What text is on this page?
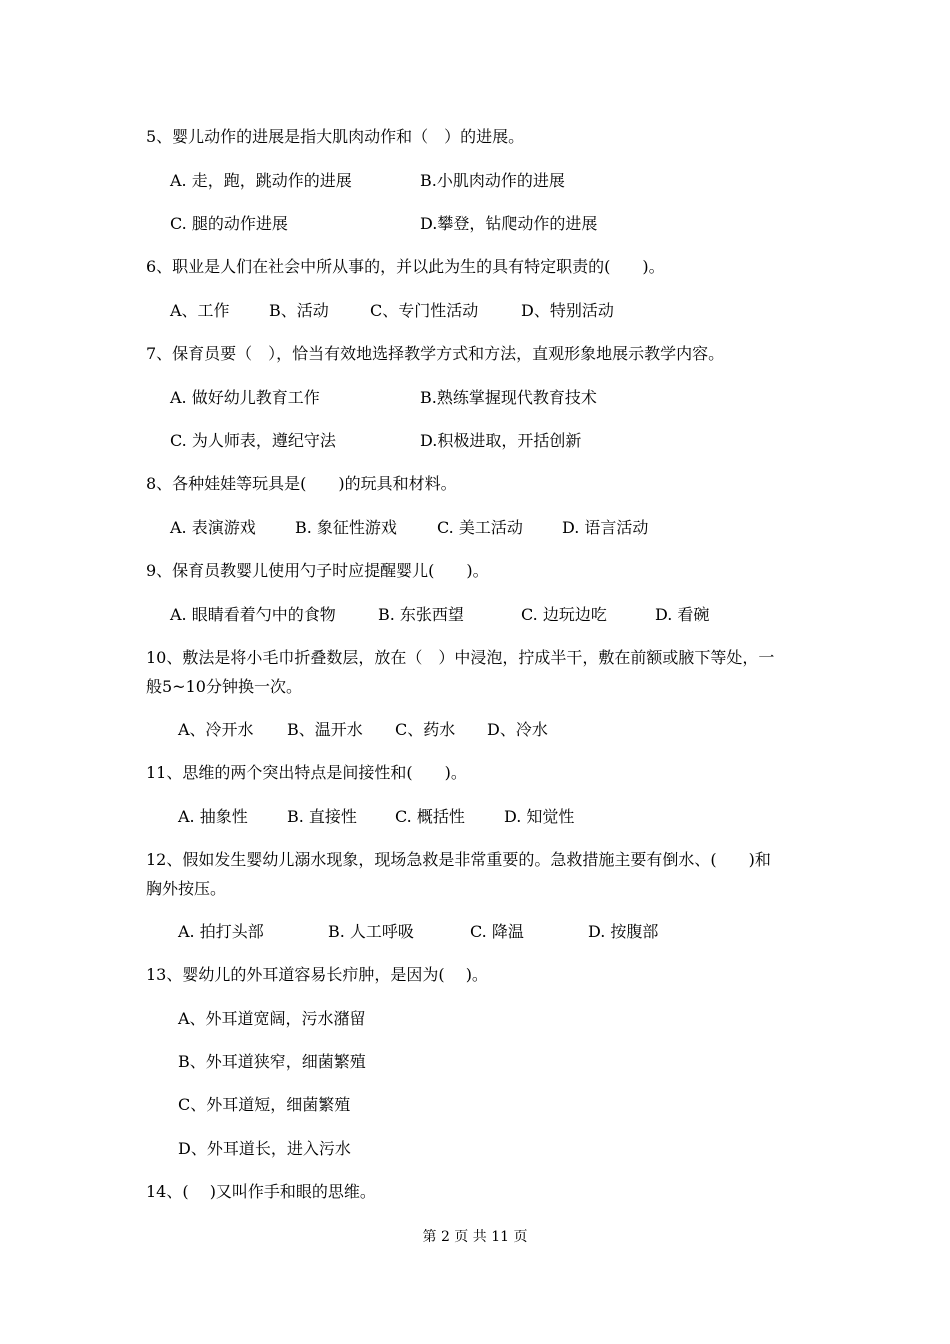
5、婴儿动作的进展是指大肌肉动作和（　）的进展。
A. 走，跑，跳动作的进展	B.小肌肉动作的进展
C. 腿的动作进展	D.攀登，钻爬动作的进展
6、职业是人们在社会中所从事的，并以此为生的具有特定职责的(　　)。
A、工作 B、活动	C、专门性活动	D、特别活动
7、保育员要（　），恰当有效地选择教学方式和方法，直观形象地展示教学内容。
A. 做好幼儿教育工作	B.熟练掌握现代教育技术
C. 为人师表，遵纪守法	D.积极进取，开括创新
8、各种娃娃等玩具是(　　)的玩具和材料。
A. 表演游戏 B. 象征性游戏	C. 美工活动 D. 语言活动
9、保育员教婴儿使用勺子时应提醒婴儿(　　)。
A. 眼睛看着勺中的食物	B. 东张西望	C. 边玩边吃	D. 看碗
10、敷法是将小毛巾折叠数层，放在（　）中浸泡，拧成半干，敷在前额或腋下等处，一
般5~10分钟换一次。
A、冷开水 B、温开水 C、药水 D、冷水
11、思维的两个突出特点是间接性和(　　)。
A. 抽象性 B. 直接性 C. 概括性 D. 知觉性
12、假如发生婴幼儿溺水现象，现场急救是非常重要的。急救措施主要有倒水、(　　)和
胸外按压。
A. 拍打头部	B. 人工呼吸	C. 降温	D. 按腹部
13、婴幼儿的外耳道容易长疖肿，是因为(　 )。
A、外耳道宽阔，污水潴留
B、外耳道狭窄，细菌繁殖
C、外耳道短，细菌繁殖
D、外耳道长，进入污水
14、(　 )又叫作手和眼的思维。
第 2 页 共 11 页
